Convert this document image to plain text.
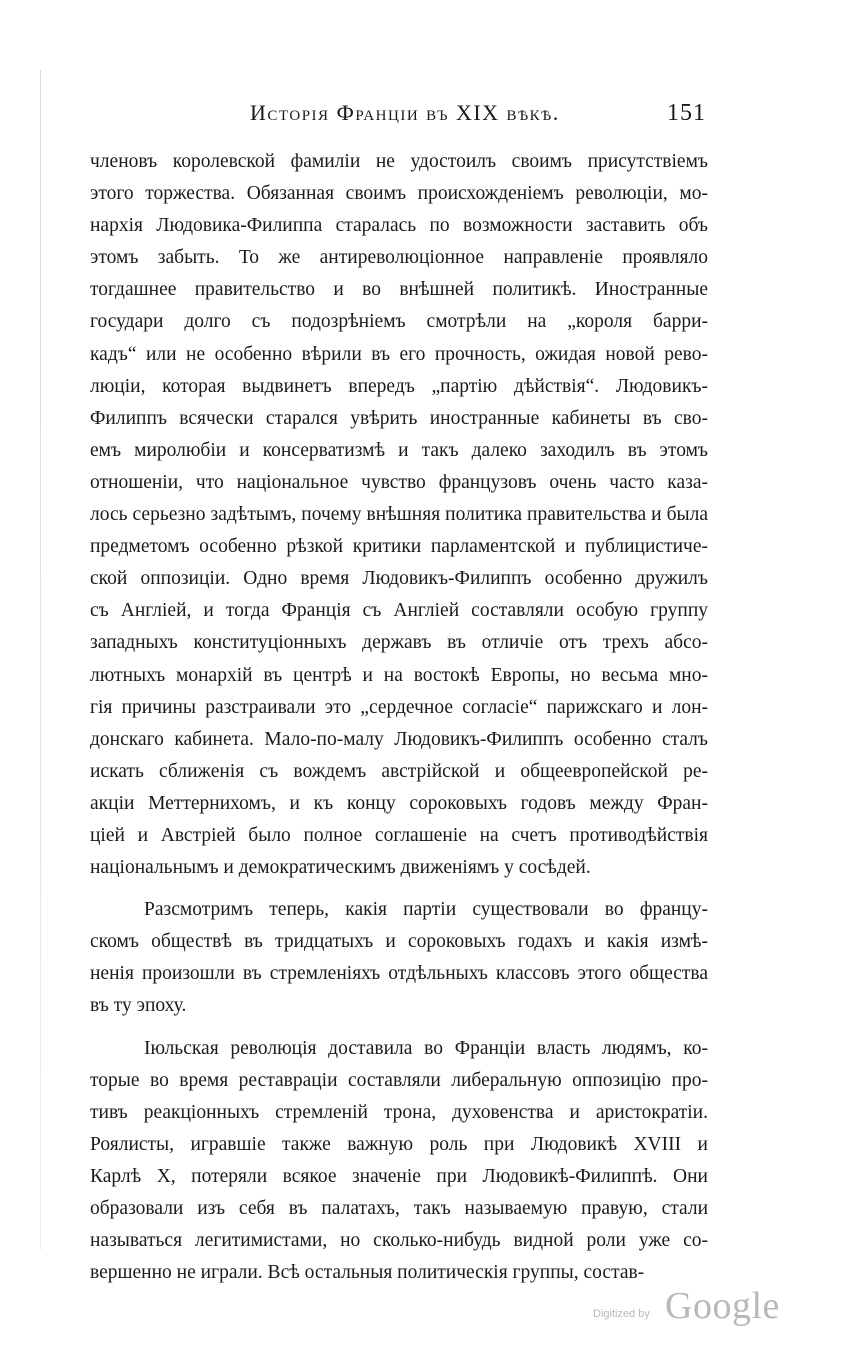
Исторія Франціи въ XIX вѣкѣ.	151
членовъ королевской фамиліи не удостоилъ своимъ присутствіемъ
этого торжества. Обязанная своимъ происхожденіемъ революціи, мо-
нархія Людовика-Филиппа старалась по возможности заставить объ
этомъ забыть. То же антиреволюціонное направленіе проявляло
тогдашнее правительство и во внѣшней политикѣ. Иностранные
государи долго съ подозрѣніемъ смотрѣли на „короля барри-
кадъ“ или не особенно вѣрили въ его прочность, ожидая новой рево-
люціи, которая выдвинетъ впередъ „партію дѣйствія“. Людовикъ-
Филиппъ всячески старался увѣрить иностранные кабинеты въ сво-
емъ миролюбіи и консерватизмѣ и такъ далеко заходилъ въ этомъ
отношеніи, что національное чувство французовъ очень часто каза-
лось серьезно задѣтымъ, почему внѣшняя политика правительства и была
предметомъ особенно рѣзкой критики парламентской и публицистиче-
ской оппозиціи. Одно время Людовикъ-Филиппъ особенно дружилъ
съ Англіей, и тогда Франція съ Англіей составляли особую группу
западныхъ конституціонныхъ державъ въ отличіе отъ трехъ абсо-
лютныхъ монархій въ центрѣ и на востокѣ Европы, но весьма мно-
гія причины разстраивали это „сердечное согласіе“ парижскаго и лон-
донскаго кабинета. Мало-по-малу Людовикъ-Филиппъ особенно сталъ
искать сближенія съ вождемъ австрійской и общеевропейской ре-
акціи Меттернихомъ, и къ концу сороковыхъ годовъ между Фран-
ціей и Австріей было полное соглашеніе на счетъ противодѣйствія
національнымъ и демократическимъ движеніямъ у сосѣдей.
Разсмотримъ теперь, какія партіи существовали во францу-
скомъ обществѣ въ тридцатыхъ и сороковыхъ годахъ и какія измѣ-
ненія произошли въ стремленіяхъ отдѣльныхъ классовъ этого общества
въ ту эпоху.
Іюльская революція доставила во Франціи власть людямъ, ко-
торые во время реставраціи составляли либеральную оппозицію про-
тивъ реакціонныхъ стремленій трона, духовенства и аристократіи.
Роялисты, игравшіе также важную роль при Людовикѣ XVIII и
Карлѣ X, потеряли всякое значеніе при Людовикѣ-Филиппѣ. Они
образовали изъ себя въ палатахъ, такъ называемую правую, стали
называться легитимистами, но сколько-нибудь видной роли уже со-
вершенно не играли. Всѣ остальныя политическія группы, состав-
Digitized by Google
